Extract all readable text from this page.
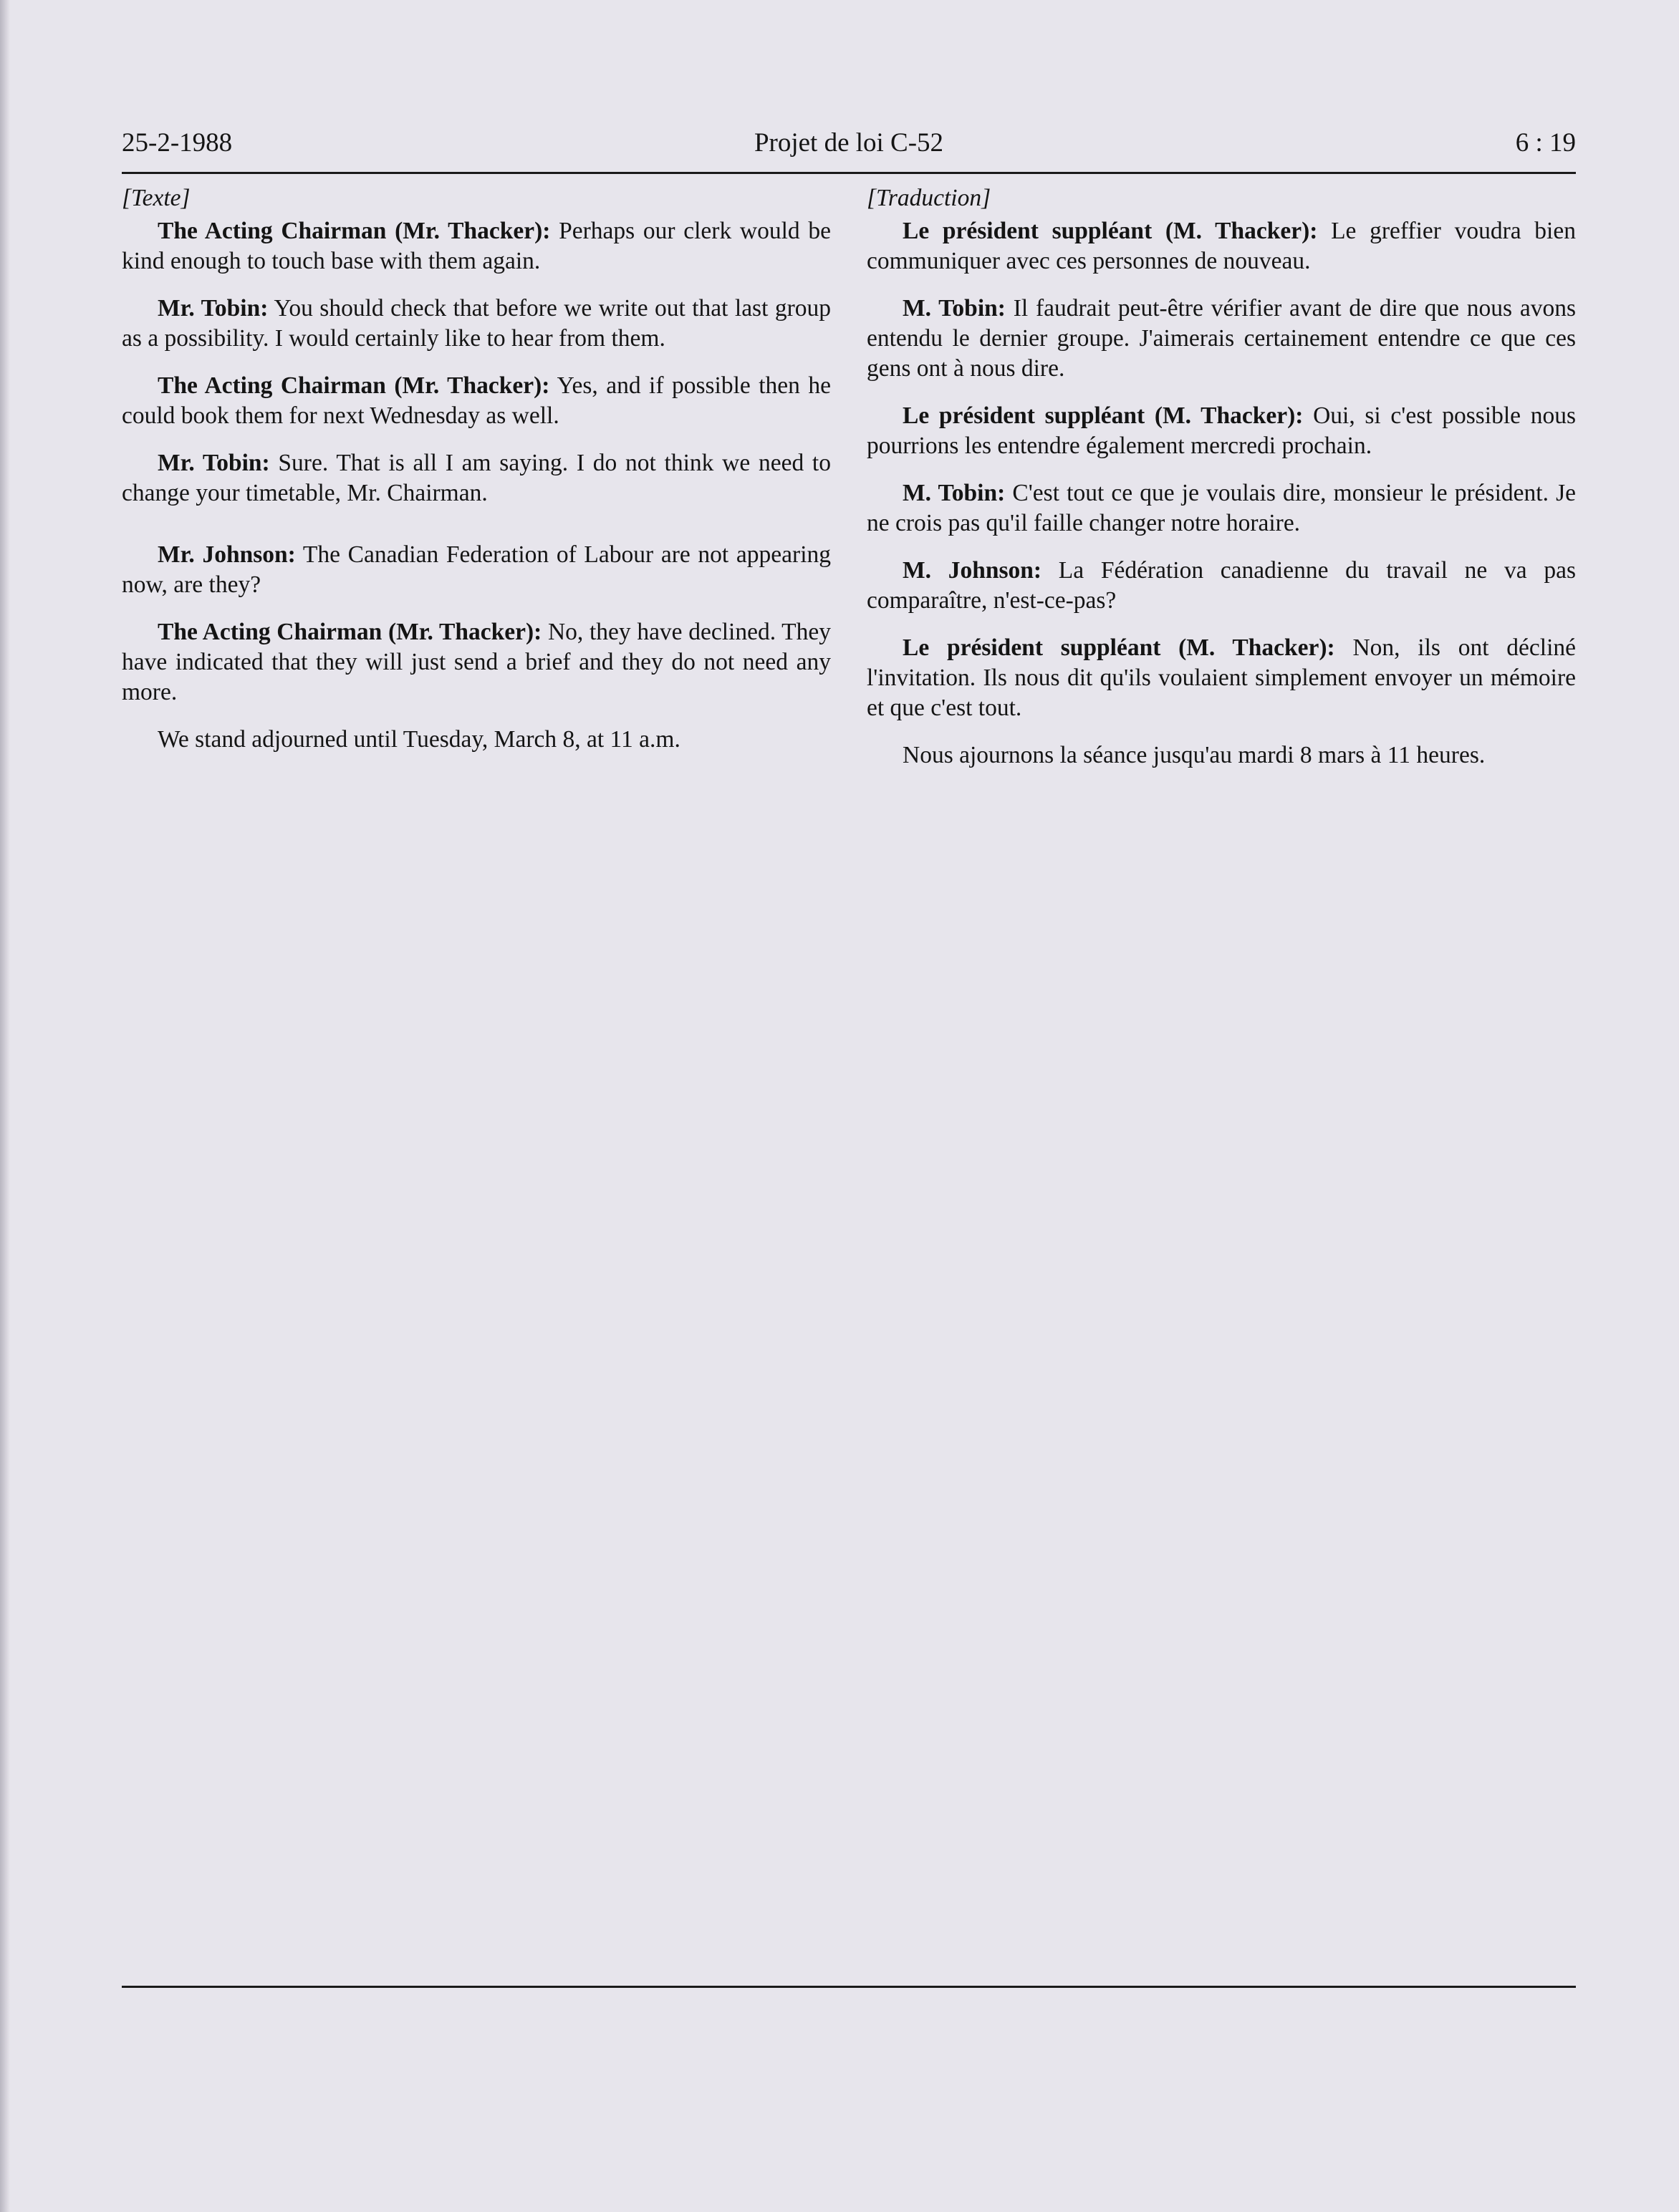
25-2-1988	Projet de loi C-52	6 : 19
[Texte]

The Acting Chairman (Mr. Thacker): Perhaps our clerk would be kind enough to touch base with them again.

Mr. Tobin: You should check that before we write out that last group as a possibility. I would certainly like to hear from them.

The Acting Chairman (Mr. Thacker): Yes, and if possible then he could book them for next Wednesday as well.

Mr. Tobin: Sure. That is all I am saying. I do not think we need to change your timetable, Mr. Chairman.

Mr. Johnson: The Canadian Federation of Labour are not appearing now, are they?

The Acting Chairman (Mr. Thacker): No, they have declined. They have indicated that they will just send a brief and they do not need any more.

We stand adjourned until Tuesday, March 8, at 11 a.m.

[Traduction]

Le président suppléant (M. Thacker): Le greffier voudra bien communiquer avec ces personnes de nouveau.

M. Tobin: Il faudrait peut-être vérifier avant de dire que nous avons entendu le dernier groupe. J'aimerais certainement entendre ce que ces gens ont à nous dire.

Le président suppléant (M. Thacker): Oui, si c'est possible nous pourrions les entendre également mercredi prochain.

M. Tobin: C'est tout ce que je voulais dire, monsieur le président. Je ne crois pas qu'il faille changer notre horaire.

M. Johnson: La Fédération canadienne du travail ne va pas comparaître, n'est-ce-pas?

Le président suppléant (M. Thacker): Non, ils ont décliné l'invitation. Ils nous dit qu'ils voulaient simplement envoyer un mémoire et que c'est tout.

Nous ajournons la séance jusqu'au mardi 8 mars à 11 heures.
